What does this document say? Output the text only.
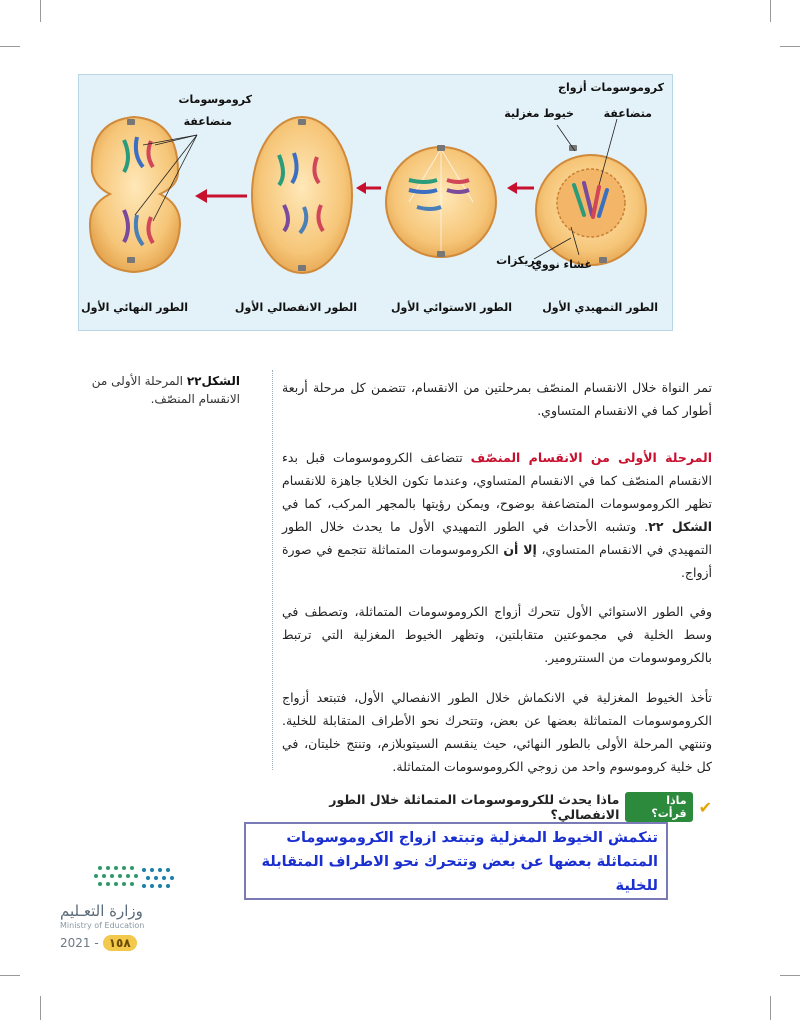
كروموسومات أزواج
متضاعفة
خيوط مغزلية
كروموسومات
متضاعفة
مريكزات
غشاء نووي
الطور التمهيدي الأول
الطور الاستوائي الأول
الطور الانفصالي الأول
الطور النهائي الأول
الشكل٢٢ المرحلة الأولى من الانقسام المنصّف.
تمر النواة خلال الانقسام المنصّف بمرحلتين من الانقسام، تتضمن كل مرحلة أربعة أطوار كما في الانقسام المتساوي.
المرحلة الأولى من الانقسام المنصّف تتضاعف الكروموسومات قبل بدء الانقسام المنصّف كما في الانقسام المتساوي، وعندما تكون الخلايا جاهزة للانقسام تظهر الكروموسومات المتضاعفة بوضوح، ويمكن رؤيتها بالمجهر المركب، كما في الشكل ٢٢. وتشبه الأحداث في الطور التمهيدي الأول ما يحدث خلال الطور التمهيدي في الانقسام المتساوي، إلا أن الكروموسومات المتماثلة تتجمع في صورة أزواج.
وفي الطور الاستوائي الأول تتحرك أزواج الكروموسومات المتماثلة، وتصطف في وسط الخلية في مجموعتين متقابلتين، وتظهر الخيوط المغزلية التي ترتبط بالكروموسومات من السنترومير.
تأخذ الخيوط المغزلية في الانكماش خلال الطور الانفصالي الأول، فتبتعد أزواج الكروموسومات المتماثلة بعضها عن بعض، وتتحرك نحو الأطراف المتقابلة للخلية. وتنتهي المرحلة الأولى بالطور النهائي، حيث ينقسم السيتوبلازم، وتنتج خليتان، في كل خلية كروموسوم واحد من زوجي الكروموسومات المتماثلة.
✔
ماذا قرأت؟
ماذا يحدث للكروموسومات المتماثلة خلال الطور الانفصالي؟
تنكمش الخيوط المغزلية وتبتعد ازواج الكروموسومات المتماثلة بعضها عن بعض وتتحرك نحو الاطراف المتقابلة للخلية
وزارة التعـليم
Ministry of Education
2021 - ١٥٨
